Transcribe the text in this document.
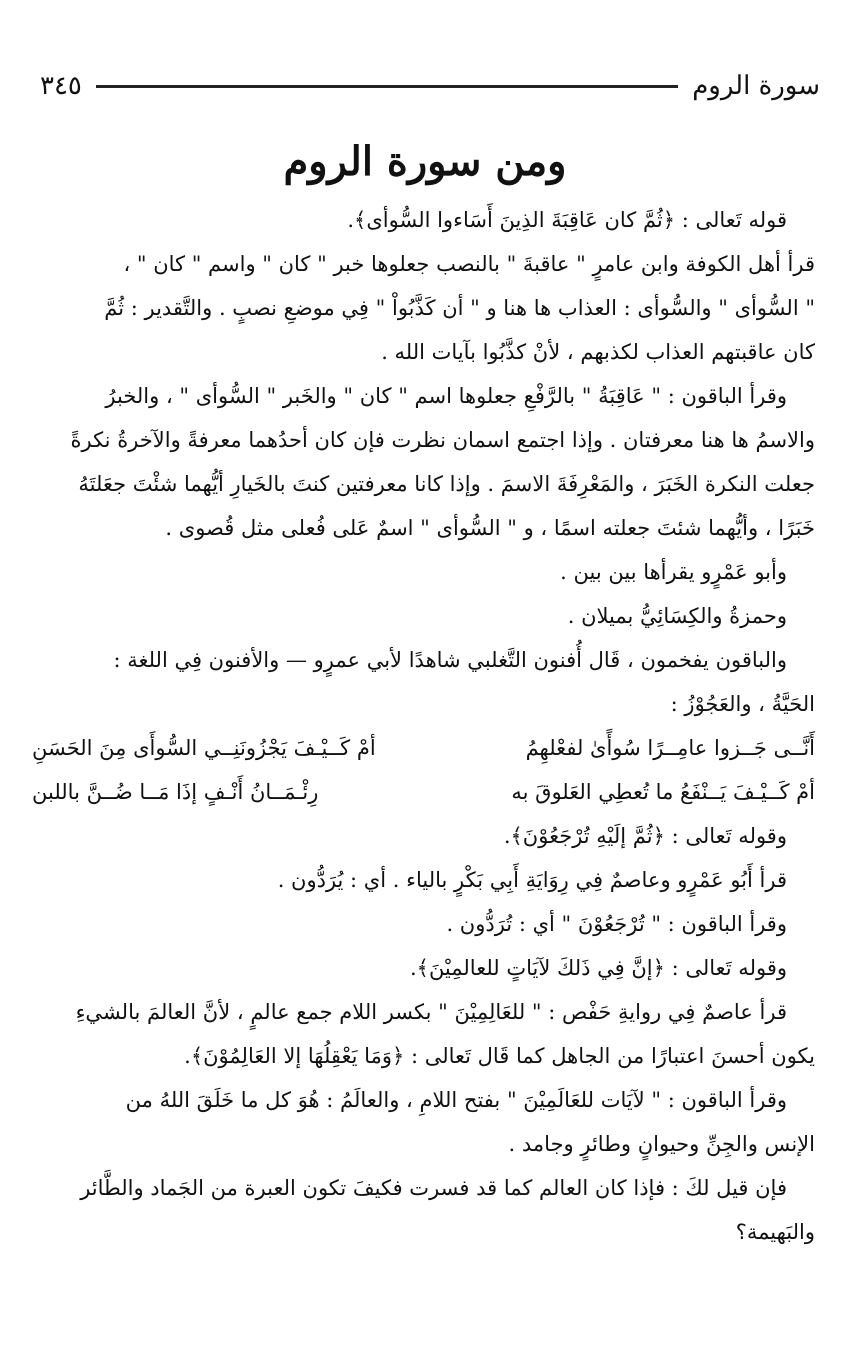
سورة الروم
٣٤٥
ومن سورة الروم

قوله تَعالى : ﴿ثُمَّ كان عَاقِبَةَ الذِينَ أَسَاءوا السُّوأى﴾.

قرأ أهل الكوفة وابن عامرٍ " عاقبةَ " بالنصب جعلوها خبر " كان " واسم " كان " ،

" السُّوأى " والسُّوأى : العذاب ها هنا و " أن كَذَّبُواْ " فِي موضعِ نصبٍ . والتَّقدير : ثُمَّ

كان عاقبتهم العذاب لكذبهم ، لأنْ كذَّبُوا بآيات الله .

وقرأ الباقون : " عَاقِبَةُ " بالرَّفْعِ جعلوها اسم " كان " والخَبر " السُّوأى " ، والخبرُ

والاسمُ ها هنا معرفتان . وإذا اجتمع اسمان نظرت فإن كان أحدُهما معرفةً والآخرةُ نكرةً

جعلت النكرة الخَبَرَ ، والمَعْرِفَةَ الاسمَ . وإذا كانا معرفتين كنتَ بالخَيارِ أيُّهما شئْتَ جعَلتَهُ

خَبَرًا ، وأيُّهما شئتَ جعلته اسمًا ، و " السُّوأى " اسمٌ عَلى فُعلى مثل قُصوى .

وأبو عَمْرٍو يقرأها بين بين .

وحمزةُ والكِسَائِيُّ بميلان .

والباقون يفخمون ، قَال أُفنون التَّغلبي شاهدًا لأبي عمرٍو — والأفنون فِي اللغة :

الحَيَّةُ ، والعَجُوْزُ :

أَنَّــى جَــزوا عامِــرًا سُوأًىٰ لفعْلهِمُ
أمْ كَــيْـفَ يَجْزُونَنِــي السُّوأَى مِنَ الحَسَنِ
أمْ كَــيْـفَ يَــنْفَعُ ما تُعطِي العَلوقَ به
رِئْـمَــانُ أَنْـفٍ إذَا مَــا ضُــنَّ باللبن

وقوله تَعالى : ﴿ثُمَّ إلَيْهِ تُرْجَعُوْنَ﴾.

قرأ أَبُو عَمْرٍو وعاصمٌ فِي رِوَايَةِ أَبِي بَكْرٍ بالياء . أي : يُرَدُّون .

وقرأ الباقون : " تُرْجَعُوْنَ " أي : تُرَدُّون .

وقوله تَعالى : ﴿إنَّ فِي ذَلكَ لآيَاتٍ للعالمِيْنَ﴾.

قرأ عاصمٌ فِي روايةِ حَفْص : " للعَالِمِيْنَ " بكسر اللام جمع عالمٍ ، لأنَّ العالمَ بالشيءِ

يكون أحسنَ اعتبارًا من الجاهل كما قَال تَعالى : ﴿وَمَا يَعْقِلُهَا إلا العَالِمُوْنَ﴾.

وقرأ الباقون : " لآيَات للعَالَمِيْنَ " بفتح اللامِ ، والعالَمُ : هُوَ كل ما خَلَقَ اللهُ من

الإنس والجِنِّ وحيوانٍ وطائرٍ وجامد .

فإن قيل لكَ : فإذا كان العالم كما قد فسرت فكيفَ تكون العبرة من الجَماد والطَّائر

والبَهيمة؟
